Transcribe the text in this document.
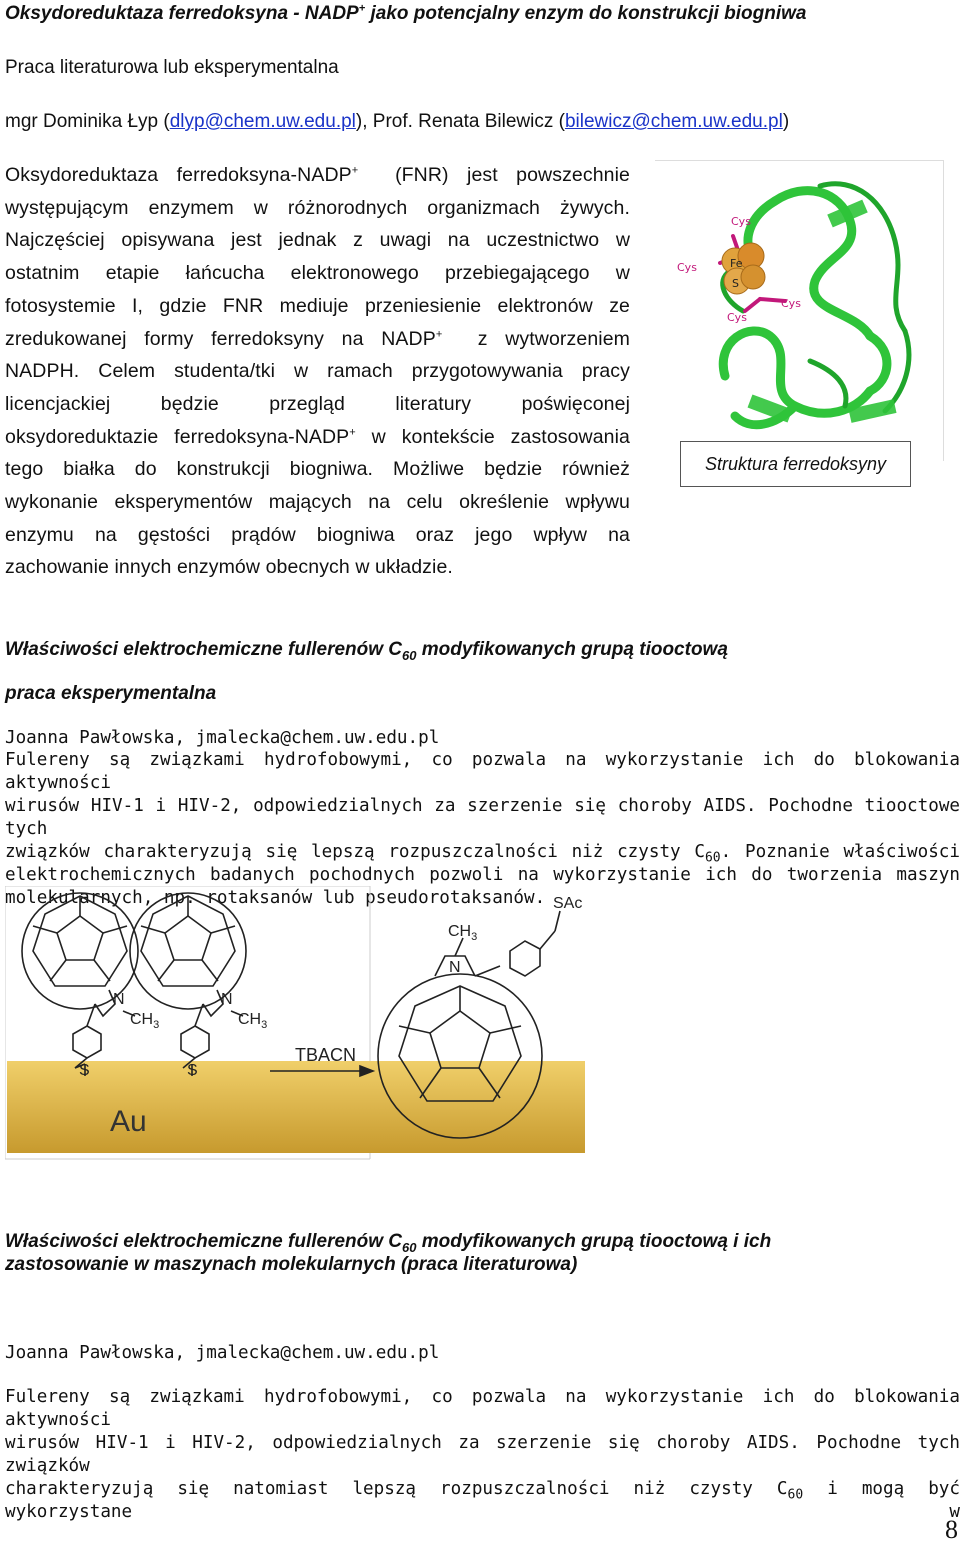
Oksydoreduktaza ferredoksyna - NADP+ jako potencjalny enzym do konstrukcji biogniwa
Praca literaturowa lub eksperymentalna
mgr Dominika Łyp (dlyp@chem.uw.edu.pl), Prof. Renata Bilewicz (bilewicz@chem.uw.edu.pl)
Oksydoreduktaza ferredoksyna-NADP+ (FNR) jest powszechnie
występującym enzymem w różnorodnych organizmach żywych.
Najczęściej opisywana jest jednak z uwagi na uczestnictwo w
ostatnim etapie łańcucha elektronowego przebiegającego w
fotosystemie I, gdzie FNR mediuje przeniesienie elektronów ze
zredukowanej formy ferredoksyny na NADP+ z wytworzeniem
NADPH. Celem studenta/tki w ramach przygotowywania pracy
licencjackiej będzie przegląd literatury poświęconej
oksydoreduktazie ferredoksyna-NADP+ w kontekście zastosowania
tego białka do konstrukcji biogniwa. Możliwe będzie również
wykonanie eksperymentów mających na celu określenie wpływu
enzymu na gęstości prądów biogniwa oraz jego wpływ na
zachowanie innych enzymów obecnych w układzie.
Fe
S
Cys
Cys
Cys
Cys
Struktura ferredoksyny
Właściwości elektrochemiczne fullerenów $C_{60}$ modyfikowanych grupą tiooctową
praca eksperymentalna
Joanna Pawłowska, jmalecka@chem.uw.edu.pl
Fulereny są związkami hydrofobowymi, co pozwala na wykorzystanie ich do blokowania aktywności
wirusów HIV-1 i HIV-2, odpowiedzialnych za szerzenie się choroby AIDS. Pochodne tiooctowe tych
związków charakteryzują się lepszą rozpuszczalności niż czysty $C_{60}$. Poznanie właściwości
elektrochemicznych badanych pochodnych pozwoli na wykorzystanie ich do tworzenia maszyn
molekularnych, np. rotaksanów lub pseudorotaksanów.
Au
S	S
N	N
$CH_3$	$CH_3$
$CH_3$
N
TBACN
SAc
Właściwości elektrochemiczne fullerenów $C_{60}$ modyfikowanych grupą tiooctową i ich
zastosowanie w maszynach molekularnych (praca literaturowa)
Joanna Pawłowska, jmalecka@chem.uw.edu.pl
Fulereny są związkami hydrofobowymi, co pozwala na wykorzystanie ich do blokowania aktywności
wirusów HIV-1 i HIV-2, odpowiedzialnych za szerzenie się choroby AIDS. Pochodne tych związków
charakteryzują się natomiast lepszą rozpuszczalności niż czysty $C_{60}$ i mogą być wykorzystane w
8
